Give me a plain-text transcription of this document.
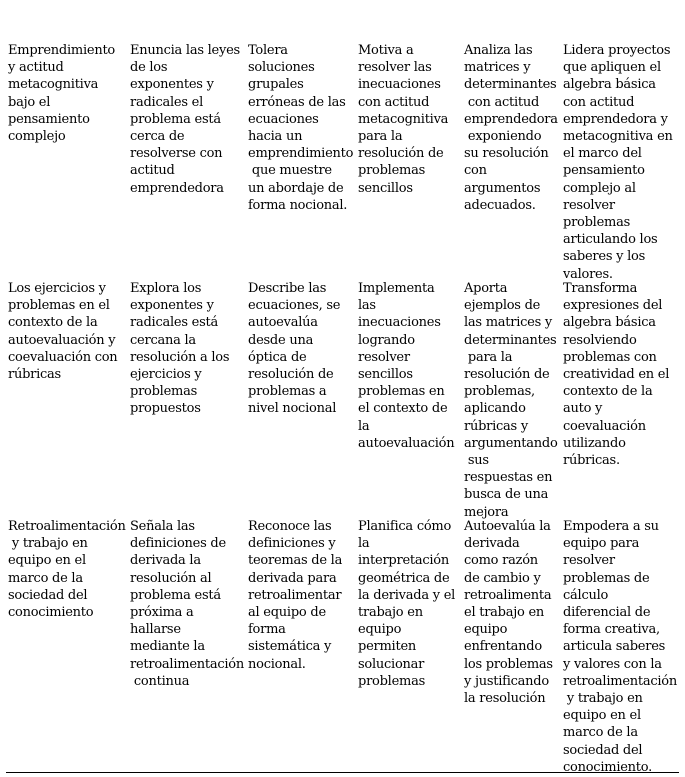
Emprendimiento
y actitud
metacognitiva
bajo el
pensamiento
complejo
Enuncia las leyes
de los
exponentes y
radicales el
problema está
cerca de
resolverse con
actitud
emprendedora
Tolera
soluciones
grupales
erróneas de las
ecuaciones
hacia un
emprendimiento
que muestre
un abordaje de
forma nocional.
Motiva a
resolver las
inecuaciones
con actitud
metacognitiva
para la
resolución de
problemas
sencillos
Analiza las
matrices y
determinantes
con actitud
emprendedora
exponiendo
su resolución
con
argumentos
adecuados.
Lidera proyectos
que apliquen el
algebra básica
con actitud
emprendedora y
metacognitiva en
el marco del
pensamiento
complejo al
resolver
problemas
articulando los
saberes y los
valores.
Los ejercicios y
problemas en el
contexto de la
autoevaluación y
coevaluación con
rúbricas
Explora los
exponentes y
radicales está
cercana la
resolución a los
ejercicios y
problemas
propuestos
Describe las
ecuaciones, se
autoevalúa
desde una
óptica de
resolución de
problemas a
nivel nocional
Implementa
las
inecuaciones
logrando
resolver
sencillos
problemas en
el contexto de
la
autoevaluación
Aporta
ejemplos de
las matrices y
determinantes
para la
resolución de
problemas,
aplicando
rúbricas y
argumentando
sus
respuestas en
busca de una
mejora
Transforma
expresiones del
algebra básica
resolviendo
problemas con
creatividad en el
contexto de la
auto y
coevaluación
utilizando
rúbricas.
Retroalimentación
y trabajo en
equipo en el
marco de la
sociedad del
conocimiento
Señala las
definiciones de
derivada la
resolución al
problema está
próxima a
hallarse
mediante la
retroalimentación
continua
Reconoce las
definiciones y
teoremas de la
derivada para
retroalimentar
al equipo de
forma
sistemática y
nocional.
Planifica cómo
la
interpretación
geométrica de
la derivada y el
trabajo en
equipo
permiten
solucionar
problemas
Autoevalúa la
derivada
como razón
de cambio y
retroalimenta
el trabajo en
equipo
enfrentando
los problemas
y justificando
la resolución
Empodera a su
equipo para
resolver
problemas de
cálculo
diferencial de
forma creativa,
articula saberes
y valores con la
retroalimentación
y trabajo en
equipo en el
marco de la
sociedad del
conocimiento.
